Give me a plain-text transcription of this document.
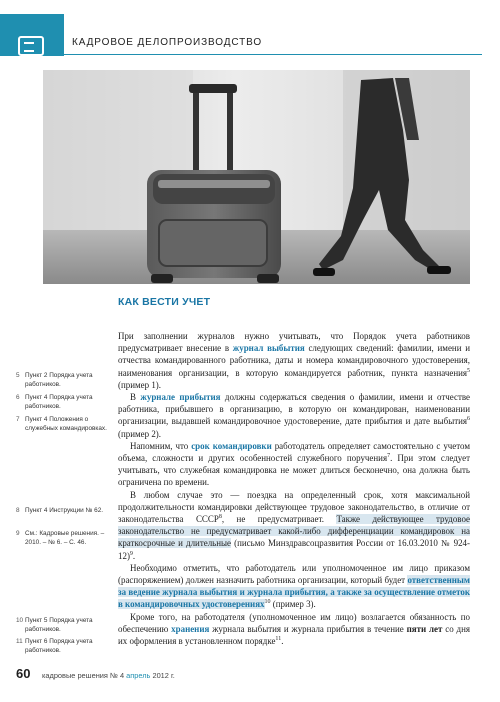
КАДРОВОЕ ДЕЛОПРОИЗВОДСТВО
5 Пункт 2 Порядка учета работников.
6 Пункт 4 Порядка учета работников.
7 Пункт 4 Положения о служебных командировках.
8 Пункт 4 Инструкции № 62.
9 См.: Кадровые решения. – 2010. – № 6. – С. 46.
10 Пункт 5 Порядка учета работников.
11 Пункт 6 Порядка учета работников.
КАК ВЕСТИ УЧЕТ

При заполнении журналов нужно учитывать, что Порядок учета работников предусматривает внесение в журнал выбытия следующих сведений: фамилии, имени и отчества командированного работника, даты и номера командировочного удостоверения, наименования организации, в которую командируется работник, пункта назначения$^5$ (пример 1).

В журнале прибытия должны содержаться сведения о фамилии, имени и отчестве работника, прибывшего в организацию, в которую он командирован, наименовании организации, выдавшей командировочное удостоверение, дате прибытия и дате выбытия$^6$ (пример 2).

Напомним, что срок командировки работодатель определяет самостоятельно с учетом объема, сложности и других особенностей служебного поручения$^7$. При этом следует учитывать, что служебная командировка не может длиться бесконечно, она должна быть ограничена по времени.

В любом случае это — поездка на определенный срок, хотя максимальной продолжительности командировки действующее трудовое законодательство, в отличие от законодательства СССР$^8$, не предусматривает. Также действующее трудовое законодательство не предусматривает какой-либо дифференциации командировок на краткосрочные и длительные (письмо Минздравсоцразвития России от 16.03.2010 № 924-12)$^9$.

Необходимо отметить, что работодатель или уполномоченное им лицо приказом (распоряжением) должен назначить работника организации, который будет ответственным за ведение журнала выбытия и журнала прибытия, а также за осуществление отметок в командировочных удостоверениях$^{10}$ (пример 3).

Кроме того, на работодателя (уполномоченное им лицо) возлагается обязанность по обеспечению хранения журнала выбытия и журнала прибытия в течение пяти лет со дня их оформления в установленном порядке$^{11}$.

60 кадровые решения № 4 апрель 2012 г.
